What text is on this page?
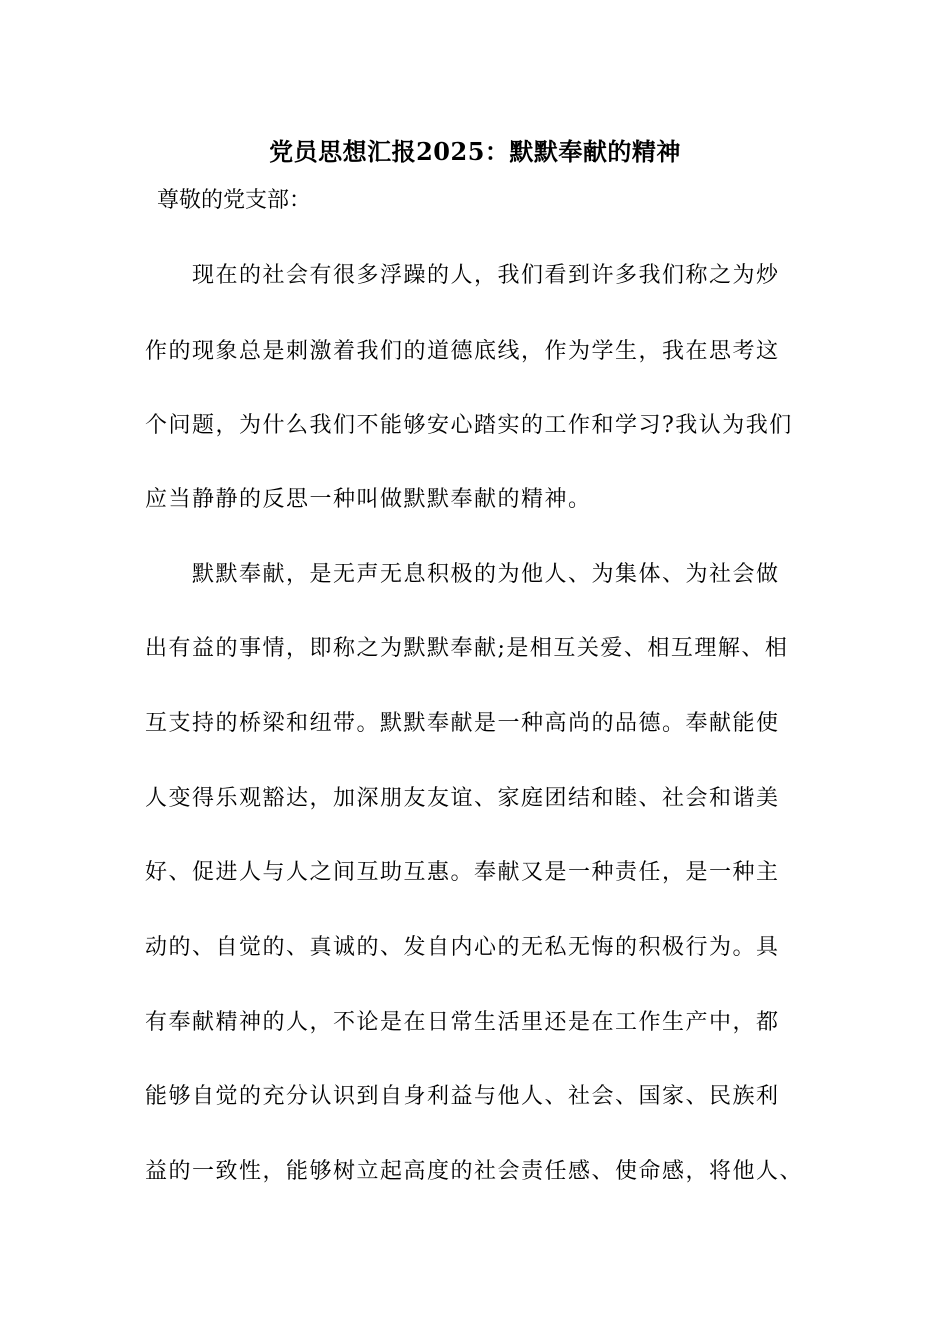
党员思想汇报2025：默默奉献的精神
尊敬的党支部：
现在的社会有很多浮躁的人，我们看到许多我们称之为炒
作的现象总是刺激着我们的道德底线，作为学生，我在思考这
个问题，为什么我们不能够安心踏实的工作和学习?我认为我们
应当静静的反思一种叫做默默奉献的精神。
默默奉献，是无声无息积极的为他人、为集体、为社会做
出有益的事情，即称之为默默奉献;是相互关爱、相互理解、相
互支持的桥梁和纽带。默默奉献是一种高尚的品德。奉献能使
人变得乐观豁达，加深朋友友谊、家庭团结和睦、社会和谐美
好、促进人与人之间互助互惠。奉献又是一种责任，是一种主
动的、自觉的、真诚的、发自内心的无私无悔的积极行为。具
有奉献精神的人，不论是在日常生活里还是在工作生产中，都
能够自觉的充分认识到自身利益与他人、社会、国家、民族利
益的一致性，能够树立起高度的社会责任感、使命感，将他人、
